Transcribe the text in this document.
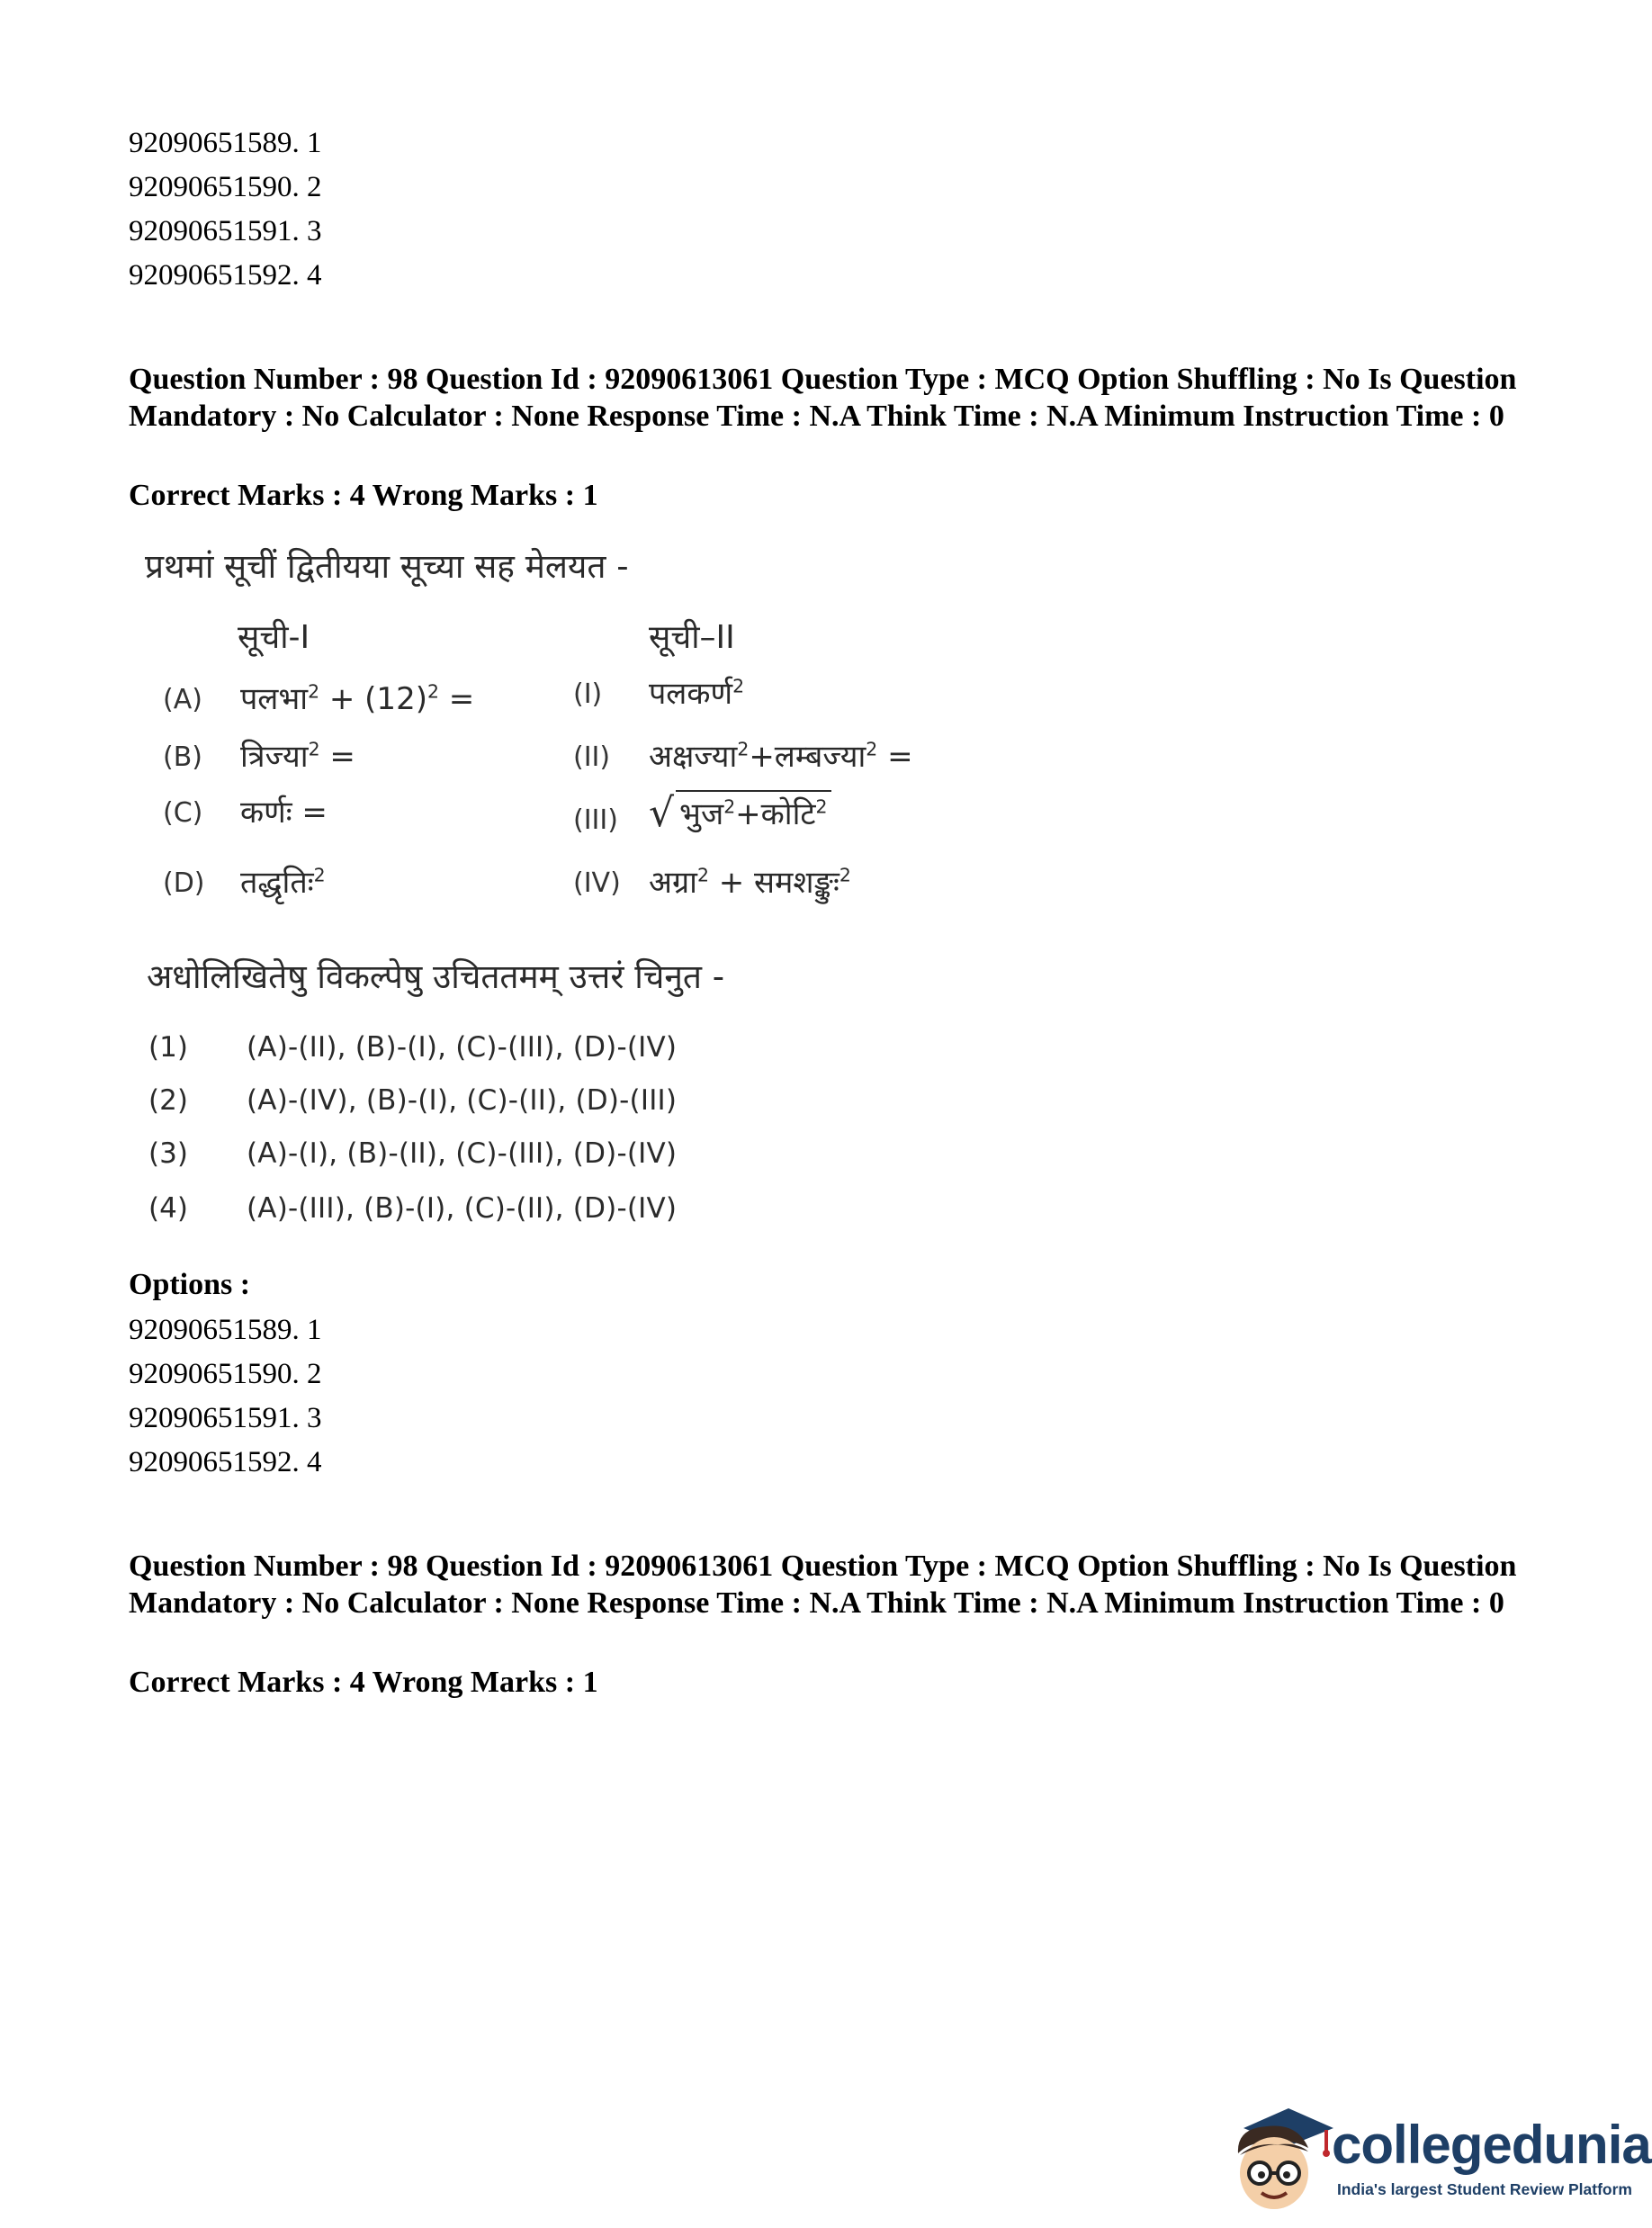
92090651589. 1
92090651590. 2
92090651591. 3
92090651592. 4
Question Number : 98 Question Id : 92090613061 Question Type : MCQ Option Shuffling : No Is Question Mandatory : No Calculator : None Response Time : N.A Think Time : N.A Minimum Instruction Time : 0
Correct Marks : 4 Wrong Marks : 1
प्रथमां सूचीं द्वितीयया सूच्या सह मेलयत -
सूची-I	सूची–II
(A) पलभा$^2$ + $(12)^2$ =	(I) पलकर्ण$^2$
(B) त्रिज्या$^2$ =	(II) अक्षज्या$^2$+लम्बज्या$^2$ =
(C) कर्णः =	(III) √ भुज$^2$+कोटि$^2$
(D) तद्धृतिः$^2$	(IV) अग्रा$^2$ + समशङ्कुः$^2$
अधोलिखितेषु विकल्पेषु उचिततमम् उत्तरं चिनुत -
(1) (A)-(II), (B)-(I), (C)-(III), (D)-(IV)
(2) (A)-(IV), (B)-(I), (C)-(II), (D)-(III)
(3) (A)-(I), (B)-(II), (C)-(III), (D)-(IV)
(4) (A)-(III), (B)-(I), (C)-(II), (D)-(IV)
Options :
92090651589. 1
92090651590. 2
92090651591. 3
92090651592. 4
Question Number : 98 Question Id : 92090613061 Question Type : MCQ Option Shuffling : No Is Question Mandatory : No Calculator : None Response Time : N.A Think Time : N.A Minimum Instruction Time : 0
Correct Marks : 4 Wrong Marks : 1
collegedunia
India's largest Student Review Platform
